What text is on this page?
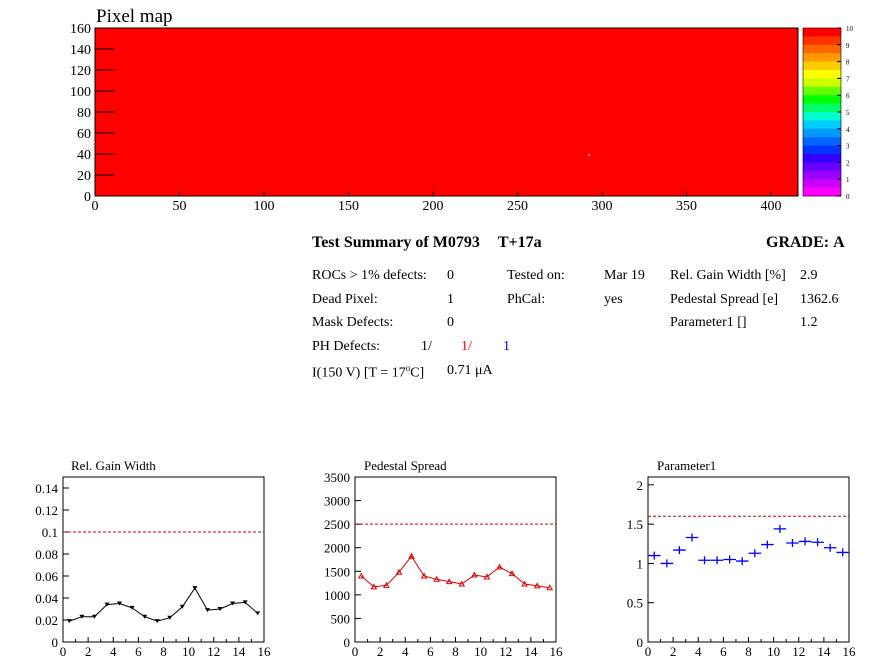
Pixel map
0	50	100	150	200	250	300	350	400
0
20
40
60
80
100
120
140
160	10
9
8
7
6
5
4
3
2
1
0
Test Summary of M0793 T+17a	GRADE: A
ROCs > 1% defects: 0
Dead Pixel:	1
Mask Defects:	0
PH Defects:	1/ 1/ 1
I(150 V) $[T = 17^oC]$ 0.71 μA
Tested on:	Mar 19
PhCal:	yes
Rel. Gain Width [%] 2.9
Pedestal Spread [e] 1362.6
Parameter1 []	1.2
Rel. Gain Width
0 2 4 6 8 10 12 14 16
0
0.02
0.04
0.06
0.08
0.1
0.12
0.14
Pedestal Spread
0 2 4 6 8 10 12 14 16
0
500
1000
1500
2000
2500
3000
3500
Parameter1
0 2 4 6 8 10 12 14 16
0
0.5
1
1.5
2
